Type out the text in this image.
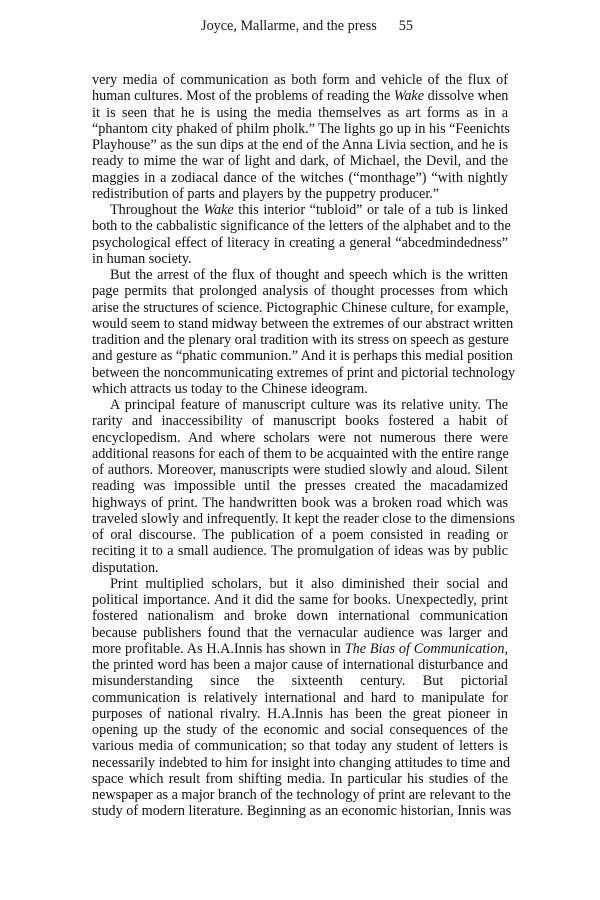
Joyce, Mallarme, and the press 55
very media of communication as both form and vehicle of the flux of
human cultures. Most of the problems of reading the Wake dissolve when
it is seen that he is using the media themselves as art forms as in a
“phantom city phaked of philm pholk.” The lights go up in his “Feenichts
Playhouse” as the sun dips at the end of the Anna Livia section, and he is
ready to mime the war of light and dark, of Michael, the Devil, and the
maggies in a zodiacal dance of the witches (“monthage”) “with nightly
redistribution of parts and players by the puppetry producer.”
Throughout the Wake this interior “tubloid” or tale of a tub is linked
both to the cabbalistic significance of the letters of the alphabet and to the
psychological effect of literacy in creating a general “abcedmindedness”
in human society.
But the arrest of the flux of thought and speech which is the written
page permits that prolonged analysis of thought processes from which
arise the structures of science. Pictographic Chinese culture, for example,
would seem to stand midway between the extremes of our abstract written
tradition and the plenary oral tradition with its stress on speech as gesture
and gesture as “phatic communion.” And it is perhaps this medial position
between the noncommunicating extremes of print and pictorial technology
which attracts us today to the Chinese ideogram.
A principal feature of manuscript culture was its relative unity. The
rarity and inaccessibility of manuscript books fostered a habit of
encyclopedism. And where scholars were not numerous there were
additional reasons for each of them to be acquainted with the entire range
of authors. Moreover, manuscripts were studied slowly and aloud. Silent
reading was impossible until the presses created the macadamized
highways of print. The handwritten book was a broken road which was
traveled slowly and infrequently. It kept the reader close to the dimensions
of oral discourse. The publication of a poem consisted in reading or
reciting it to a small audience. The promulgation of ideas was by public
disputation.
Print multiplied scholars, but it also diminished their social and
political importance. And it did the same for books. Unexpectedly, print
fostered nationalism and broke down international communication
because publishers found that the vernacular audience was larger and
more profitable. As H.A.Innis has shown in The Bias of Communication,
the printed word has been a major cause of international disturbance and
misunderstanding since the sixteenth century. But pictorial
communication is relatively international and hard to manipulate for
purposes of national rivalry. H.A.Innis has been the great pioneer in
opening up the study of the economic and social consequences of the
various media of communication; so that today any student of letters is
necessarily indebted to him for insight into changing attitudes to time and
space which result from shifting media. In particular his studies of the
newspaper as a major branch of the technology of print are relevant to the
study of modern literature. Beginning as an economic historian, Innis was
